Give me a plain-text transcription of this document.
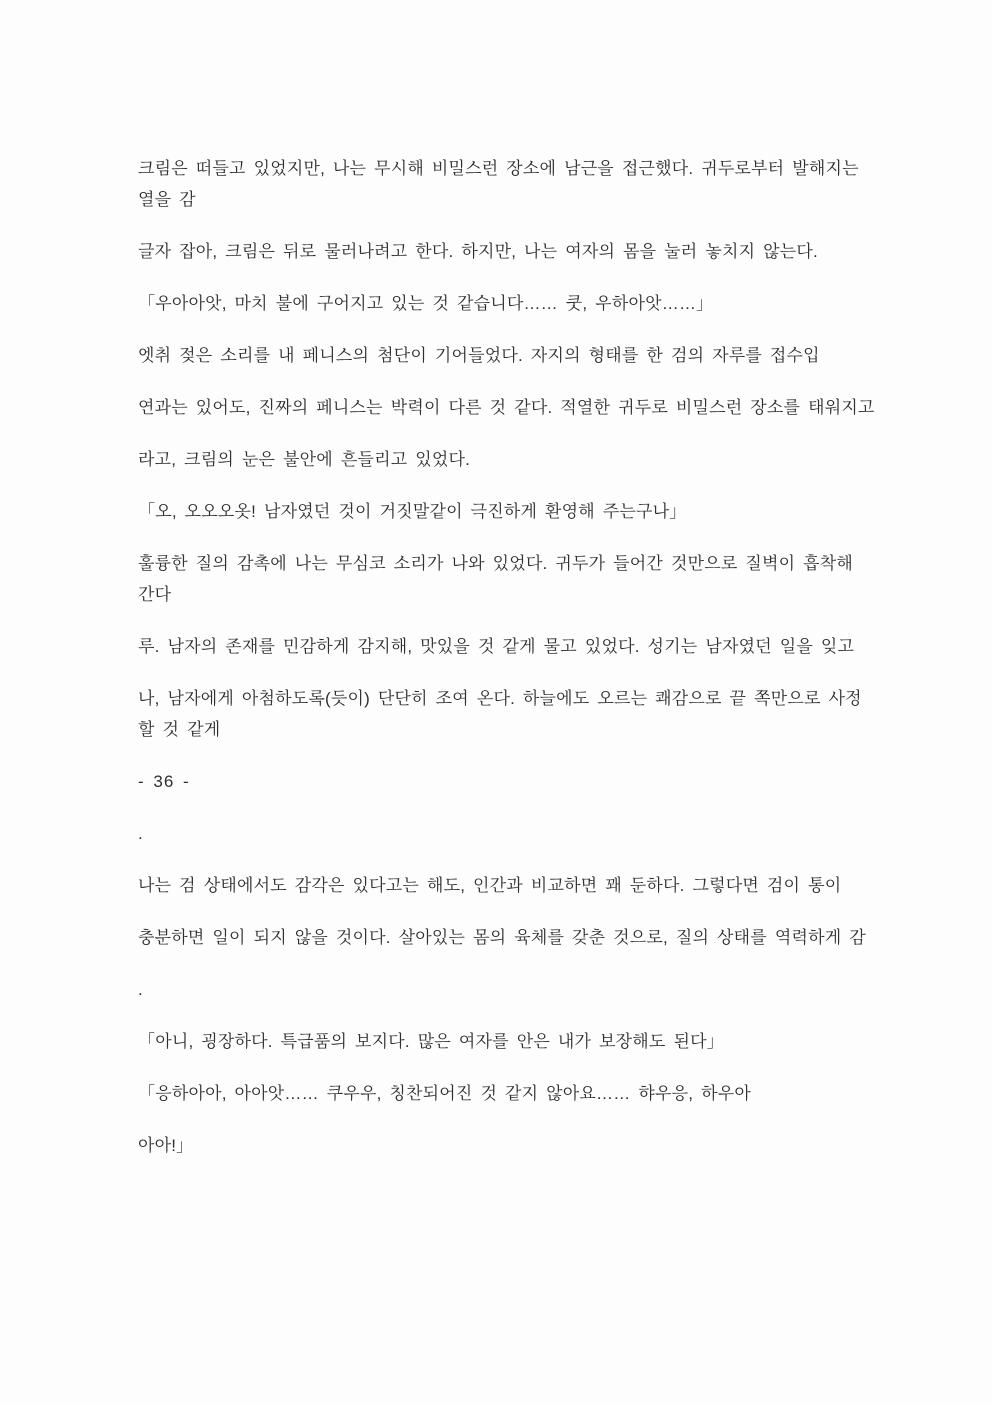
크림은 떠들고 있었지만, 나는 무시해 비밀스런 장소에 남근을 접근했다. 귀두로부터 발해지는 열을 감

글자 잡아, 크림은 뒤로 물러나려고 한다. 하지만, 나는 여자의 몸을 눌러 놓치지 않는다.

「우아아앗, 마치 불에 구어지고 있는 것 같습니다…… 쿳, 우하아앗……」

엣취 젖은 소리를 내 페니스의 첨단이 기어들었다. 자지의 형태를 한 검의 자루를 접수입

연과는 있어도, 진짜의 페니스는 박력이 다른 것 같다. 적열한 귀두로 비밀스런 장소를 태워지고

라고, 크림의 눈은 불안에 흔들리고 있었다.

「오, 오오오옷! 남자였던 것이 거짓말같이 극진하게 환영해 주는구나」

훌륭한 질의 감촉에 나는 무심코 소리가 나와 있었다. 귀두가 들어간 것만으로 질벽이 흡착해 간다

루. 남자의 존재를 민감하게 감지해, 맛있을 것 같게 물고 있었다. 성기는 남자였던 일을 잊고

나, 남자에게 아첨하도록(듯이) 단단히 조여 온다. 하늘에도 오르는 쾌감으로 끝 쪽만으로 사정할 것 같게

- 36 -

.

나는 검 상태에서도 감각은 있다고는 해도, 인간과 비교하면 꽤 둔하다. 그렇다면 검이 통이

충분하면 일이 되지 않을 것이다. 살아있는 몸의 육체를 갖춘 것으로, 질의 상태를 역력하게 감

.

「아니, 굉장하다. 특급품의 보지다. 많은 여자를 안은 내가 보장해도 된다」

「응하아아, 아아앗…… 쿠우우, 칭찬되어진 것 같지 않아요…… 햐우응, 하우아

아아!」
